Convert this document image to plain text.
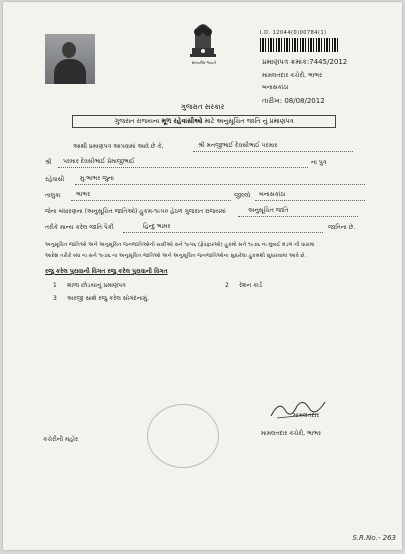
સત્યમેવ જયતે
I.D. 12044(0)00784(1)
પ્રમાણપત્ર ક્રમાંક:7445/2012
મામલતદાર કચેરી, ભાભર
બનાસકાંઠા
તારીખ: 08/08/2012
ગુજરાત સરકાર
ગુજરાત રાજયના મૂળ રહેવાસીઓ માટે અનુસૂચિત જાતિ નું પ્રમાણપત્ર
આથી પ્રમાણપત્ર આપવામાં આવે છે કે,	શ્રી મનજીભાઈ દેવસીભાઈ પરમાર
શ્રી પરમાર દેવસીભાઈ પ્રેમાજીભાઈ	ના પુત્ર
રહેવાસી	મુ.ભાભર જુના
તાલુકા	ભાભર	જીલ્લો બનાસકાંઠા
જેના બંધારણના (અનુસૂચિત જાતિઓ) હુકમ-૧૯૫૦ હેઠળ ગુજરાત રાજયમાં	અનુસૂચિત જાતિ
તરીકે માન્ય કરેલ જાતિ પૈકી	હિન્દુ ભામર	જાતિના છે.
અનુસૂચિત જાતિઓ અને અનુસૂચિત જનજાતિઓની યાદીઓ સને ૧૯૫૬ (ફેરફારઓ) હુકમો સને ૧૯૭૬ ના મુંબઈ મંડળ ની ધારામાં
આદેશ તરીકે બંધ ના સને ૧૯૭૬ ના અનુસૂચિત જાતિઓ અને અનુસૂચિત જનજાતિઓના સુધારેલા હુકમથી સુધારવામાં આવે છે.
રજુ કરેલ પુરાવાની વિગત રજુ કરેલ પુરાવાની વિગત
1 શાળા છોડયાનું પ્રમાણપત્ર	2 રેશન કાર્ડ
3 અરજી સાથે રજુ કરેલ સોગંદનામું.
મામલતદાર
કચેરીની મહોર
મામલતદાર કચેરી, ભાભર
S.R.No.- 263
